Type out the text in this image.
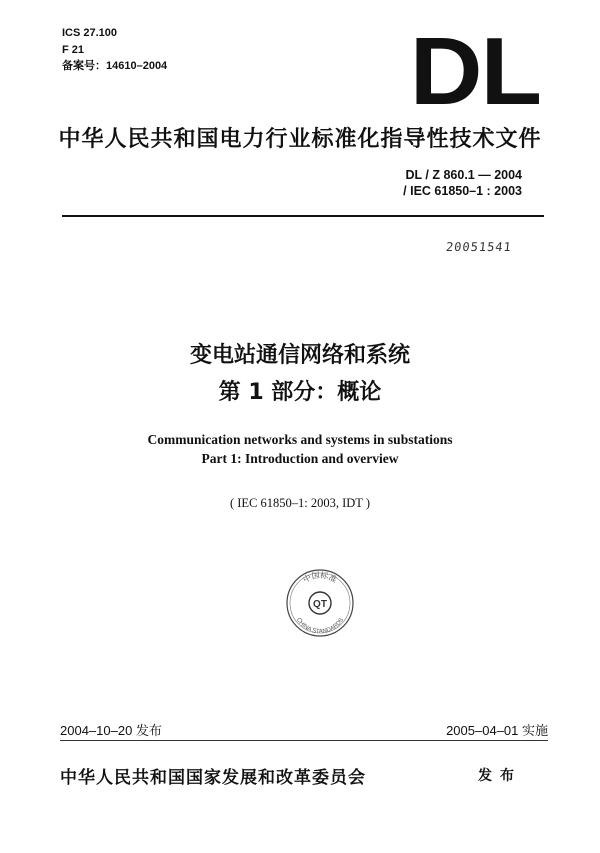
ICS 27.100
F 21
备案号：14610–2004	DL
中华人民共和国电力行业标准化指导性技术文件
DL / Z 860.1 — 2004
/ IEC 61850–1 : 2003
20051541
变电站通信网络和系统
第 1 部分：概论
Communication networks and systems in substations
Part 1: Introduction and overview
( IEC 61850–1: 2003, IDT )
中国标准
CHINA STANDARDS
QT
2004–10–20 发布	2005–04–01 实施
中华人民共和国国家发展和改革委员会	发布
